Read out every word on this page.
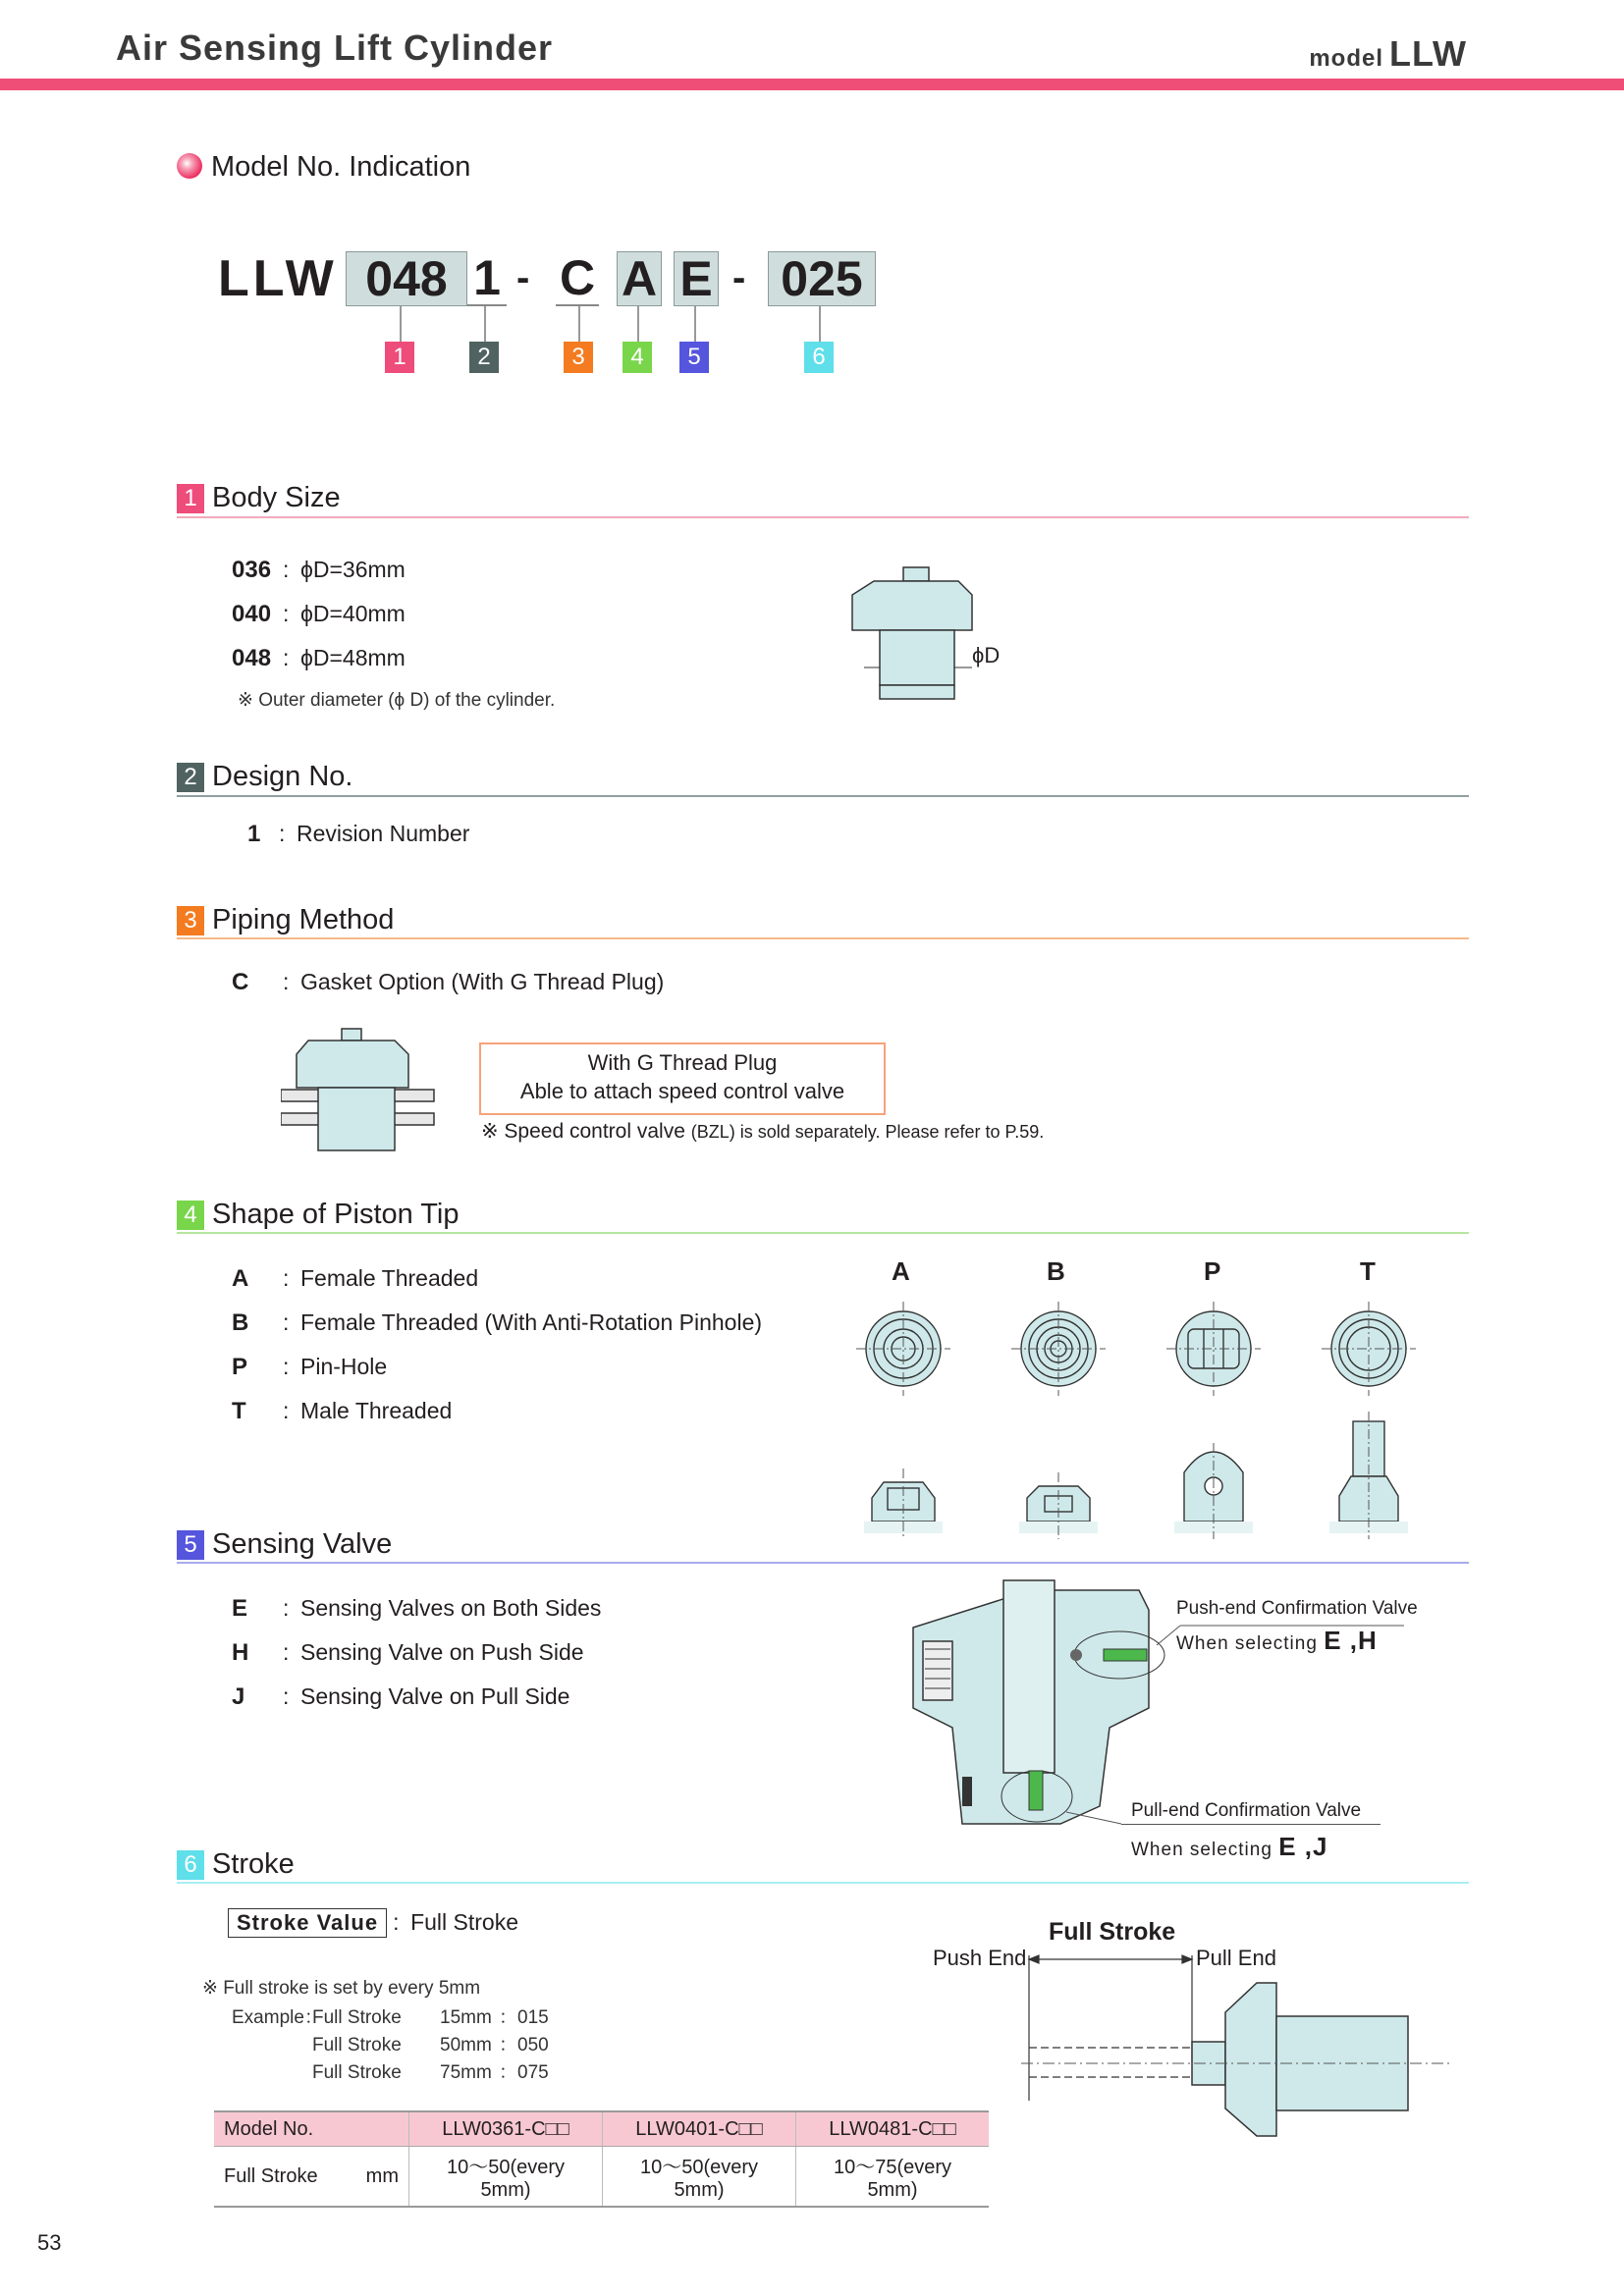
Air Sensing Lift Cylinder	model LLW
Model No. Indication
LLW 048 1 - C A E - 025
1	2	3	4	5	6
1 Body Size
036 : ϕD=36mm
040 : ϕD=40mm
048 : ϕD=48mm
※ Outer diameter (ϕ D) of the cylinder.
ϕD
2 Design No.
1 : Revision Number
3 Piping Method
C : Gasket Option (With G Thread Plug)
With G Thread Plug
Able to attach speed control valve
※ Speed control valve (BZL) is sold separately. Please refer to P.59.
4 Shape of Piston Tip
A : Female Threaded
B : Female Threaded (With Anti-Rotation Pinhole)
P : Pin-Hole
T : Male Threaded
A	B	P	T
5 Sensing Valve
E : Sensing Valves on Both Sides
H : Sensing Valve on Push Side
J : Sensing Valve on Pull Side
Push-end Confirmation Valve
When selecting E ,H
Pull-end Confirmation Valve
When selecting E ,J
6 Stroke
Stroke Value : Full Stroke
※ Full stroke is set by every 5mm
Example：Full Stroke 15mm ：015
Full Stroke 50mm ：050
Full Stroke 75mm ：075
Full Stroke
Push End	Pull End
Model No.	LLW0361-C□□	LLW0401-C□□	LLW0481-C□□
Full Stroke mm	10～50(every 5mm)	10～50(every 5mm)	10～75(every 5mm)
53
